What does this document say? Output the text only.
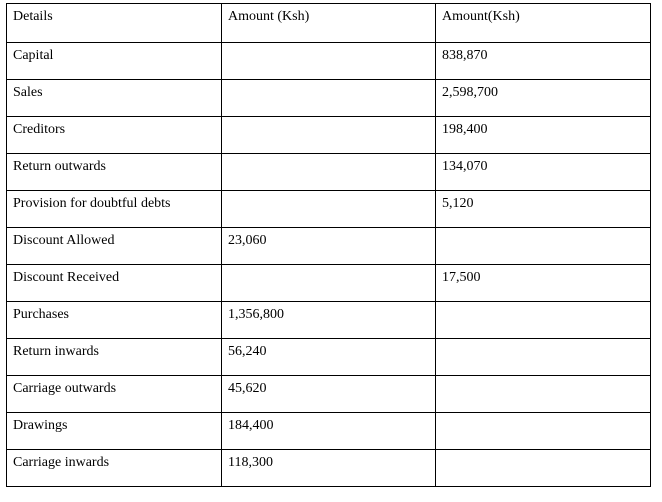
Details	Amount (Ksh)	Amount(Ksh)

Capital		838,870

Sales		2,598,700

Creditors		198,400

Return outwards		134,070

Provision for doubtful debts		5,120

Discount Allowed	23,060	

Discount Received		17,500

Purchases	1,356,800	

Return inwards	56,240	

Carriage outwards	45,620	

Drawings	184,400	

Carriage inwards	118,300	
